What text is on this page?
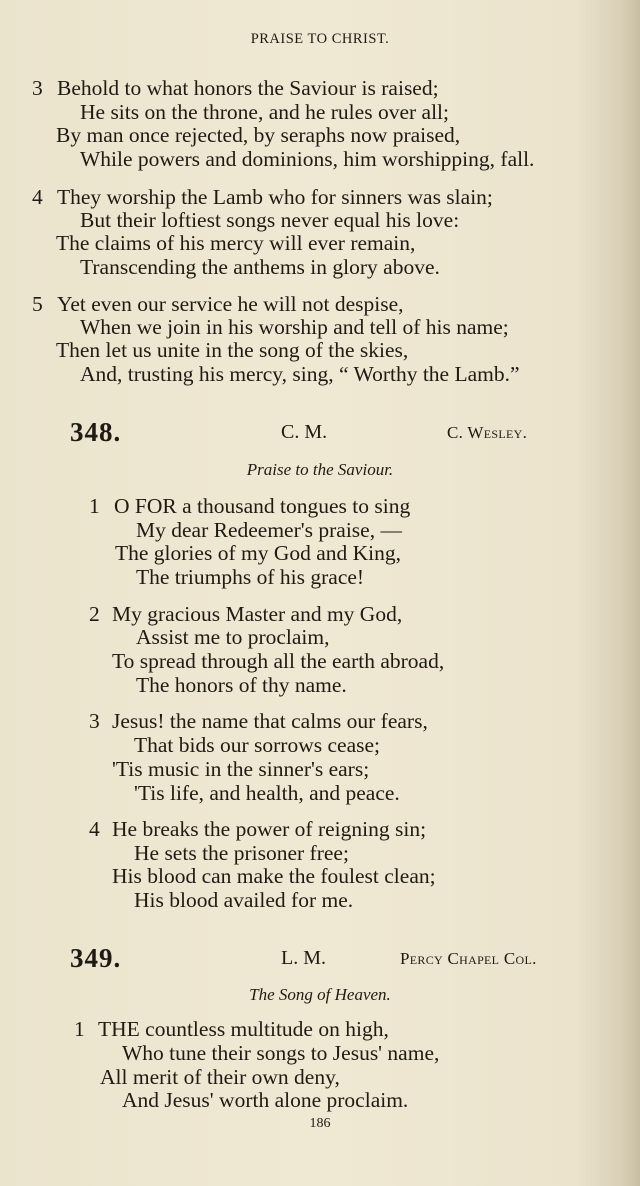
PRAISE TO CHRIST.
3 Behold to what honors the Saviour is raised;
He sits on the throne, and he rules over all;
By man once rejected, by seraphs now praised,
While powers and dominions, him worshipping, fall.
4 They worship the Lamb who for sinners was slain;
But their loftiest songs never equal his love:
The claims of his mercy will ever remain,
Transcending the anthems in glory above.
5 Yet even our service he will not despise,
When we join in his worship and tell of his name;
Then let us unite in the song of the skies,
And, trusting his mercy, sing, “ Worthy the Lamb.”
348.	C. M.	C. Wesley.
Praise to the Saviour.
1 O FOR a thousand tongues to sing
My dear Redeemer's praise, —
The glories of my God and King,
The triumphs of his grace!
2 My gracious Master and my God,
Assist me to proclaim,
To spread through all the earth abroad,
The honors of thy name.
3 Jesus! the name that calms our fears,
That bids our sorrows cease;
'Tis music in the sinner's ears;
'Tis life, and health, and peace.
4 He breaks the power of reigning sin;
He sets the prisoner free;
His blood can make the foulest clean;
His blood availed for me.
349.	L. M.	Percy Chapel Col.
The Song of Heaven.
1 THE countless multitude on high,
Who tune their songs to Jesus' name,
All merit of their own deny,
And Jesus' worth alone proclaim.
186
